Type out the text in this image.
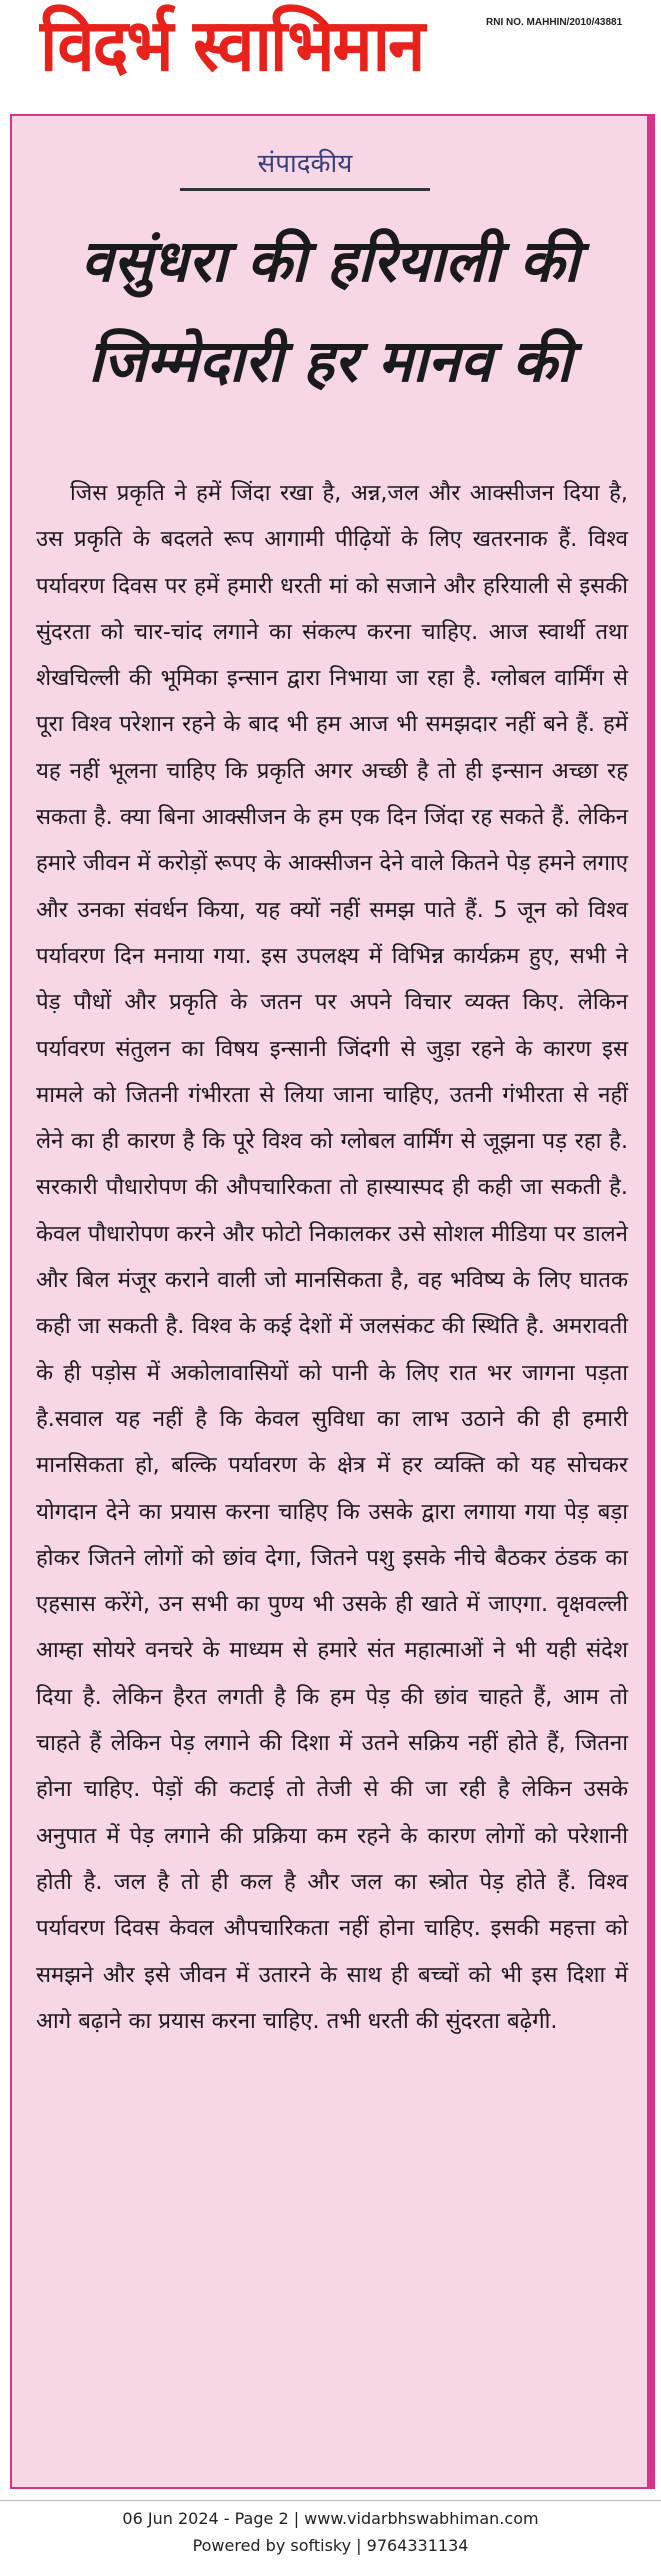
विदर्भ स्वाभिमान	RNI NO. MAHHIN/2010/43881
संपादकीय
वसुंधरा की हरियाली की
जिम्मेदारी हर मानव की

जिस प्रकृति ने हमें जिंदा रखा है, अन्न,जल और आक्सीजन दिया है, उस प्रकृति के बदलते रूप आगामी पीढ़ियों के लिए खतरनाक हैं. विश्व पर्यावरण दिवस पर हमें हमारी धरती मां को सजाने और हरियाली से इसकी सुंदरता को चार-चांद लगाने का संकल्प करना चाहिए. आज स्वार्थी तथा शेखचिल्ली की भूमिका इन्सान द्वारा निभाया जा रहा है. ग्लोबल वार्मिंग से पूरा विश्व परेशान रहने के बाद भी हम आज भी समझदार नहीं बने हैं. हमें यह नहीं भूलना चाहिए कि प्रकृति अगर अच्छी है तो ही इन्सान अच्छा रह सकता है. क्या बिना आक्सीजन के हम एक दिन जिंदा रह सकते हैं. लेकिन हमारे जीवन में करोड़ों रूपए के आक्सीजन देने वाले कितने पेड़ हमने लगाए और उनका संवर्धन किया, यह क्यों नहीं समझ पाते हैं. 5 जून को विश्व पर्यावरण दिन मनाया गया. इस उपलक्ष्य में विभिन्न कार्यक्रम हुए, सभी ने पेड़ पौधों और प्रकृति के जतन पर अपने विचार व्यक्त किए. लेकिन पर्यावरण संतुलन का विषय इन्सानी जिंदगी से जुड़ा रहने के कारण इस मामले को जितनी गंभीरता से लिया जाना चाहिए, उतनी गंभीरता से नहीं लेने का ही कारण है कि पूरे विश्व को ग्लोबल वार्मिंग से जूझना पड़ रहा है. सरकारी पौधारोपण की औपचारिकता तो हास्यास्पद ही कही जा सकती है. केवल पौधारोपण करने और फोटो निकालकर उसे सोशल मीडिया पर डालने और बिल मंजूर कराने वाली जो मानसिकता है, वह भविष्य के लिए घातक कही जा सकती है. विश्व के कई देशों में जलसंकट की स्थिति है. अमरावती के ही पड़ोस में अकोलावासियों को पानी के लिए रात भर जागना पड़ता है.सवाल यह नहीं है कि केवल सुविधा का लाभ उठाने की ही हमारी मानसिकता हो, बल्कि पर्यावरण के क्षेत्र में हर व्यक्ति को यह सोचकर योगदान देने का प्रयास करना चाहिए कि उसके द्वारा लगाया गया पेड़ बड़ा होकर जितने लोगों को छांव देगा, जितने पशु इसके नीचे बैठकर ठंडक का एहसास करेंगे, उन सभी का पुण्य भी उसके ही खाते में जाएगा. वृक्षवल्ली आम्हा सोयरे वनचरे के माध्यम से हमारे संत महात्माओं ने भी यही संदेश दिया है. लेकिन हैरत लगती है कि हम पेड़ की छांव चाहते हैं, आम तो चाहते हैं लेकिन पेड़ लगाने की दिशा में उतने सक्रिय नहीं होते हैं, जितना होना चाहिए. पेड़ों की कटाई तो तेजी से की जा रही है लेकिन उसके अनुपात में पेड़ लगाने की प्रक्रिया कम रहने के कारण लोगों को परेशानी होती है. जल है तो ही कल है और जल का स्त्रोत पेड़ होते हैं. विश्व पर्यावरण दिवस केवल औपचारिकता नहीं होना चाहिए. इसकी महत्ता को समझने और इसे जीवन में उतारने के साथ ही बच्चों को भी इस दिशा में आगे बढ़ाने का प्रयास करना चाहिए. तभी धरती की सुंदरता बढ़ेगी.

06 Jun 2024 - Page 2 | www.vidarbhswabhiman.com
Powered by softisky | 9764331134
